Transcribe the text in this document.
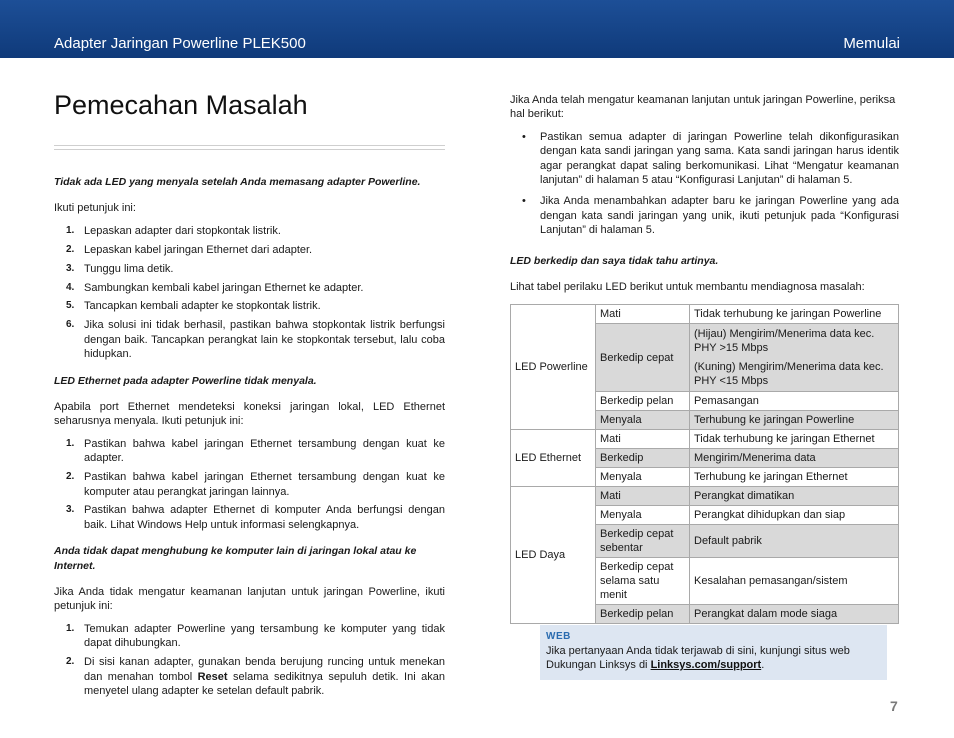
Adapter Jaringan Powerline PLEK500	Memulai
Pemecahan Masalah
Tidak ada LED yang menyala setelah Anda memasang adapter Powerline.

Ikuti petunjuk ini:

1. Lepaskan adapter dari stopkontak listrik.
2. Lepaskan kabel jaringan Ethernet dari adapter.
3. Tunggu lima detik.
4. Sambungkan kembali kabel jaringan Ethernet ke adapter.
5. Tancapkan kembali adapter ke stopkontak listrik.
6. Jika solusi ini tidak berhasil, pastikan bahwa stopkontak listrik berfungsi dengan baik. Tancapkan perangkat lain ke stopkontak tersebut, lalu coba hidupkan.
LED Ethernet pada adapter Powerline tidak menyala.

Apabila port Ethernet mendeteksi koneksi jaringan lokal, LED Ethernet seharusnya menyala. Ikuti petunjuk ini:

1. Pastikan bahwa kabel jaringan Ethernet tersambung dengan kuat ke adapter.
2. Pastikan bahwa kabel jaringan Ethernet tersambung dengan kuat ke komputer atau perangkat jaringan lainnya.
3. Pastikan bahwa adapter Ethernet di komputer Anda berfungsi dengan baik. Lihat Windows Help untuk informasi selengkapnya.
Anda tidak dapat menghubung ke komputer lain di jaringan lokal atau ke Internet.

Jika Anda tidak mengatur keamanan lanjutan untuk jaringan Powerline, ikuti petunjuk ini:

1. Temukan adapter Powerline yang tersambung ke komputer yang tidak dapat dihubungkan.
2. Di sisi kanan adapter, gunakan benda berujung runcing untuk menekan dan menahan tombol Reset selama sedikitnya sepuluh detik. Ini akan menyetel ulang adapter ke setelan default pabrik.

Jika Anda telah mengatur keamanan lanjutan untuk jaringan Powerline, periksa hal berikut:

• Pastikan semua adapter di jaringan Powerline telah dikonfigurasikan dengan kata sandi jaringan yang sama. Kata sandi jaringan harus identik agar perangkat dapat saling berkomunikasi. Lihat “Mengatur keamanan lanjutan” di halaman 5 atau “Konfigurasi Lanjutan” di halaman 5.
• Jika Anda menambahkan adapter baru ke jaringan Powerline yang ada dengan kata sandi jaringan yang unik, ikuti petunjuk pada “Konfigurasi Lanjutan” di halaman 5.
LED berkedip dan saya tidak tahu artinya.

Lihat tabel perilaku LED berikut untuk membantu mendiagnosa masalah:

LED Powerline	Mati	Tidak terhubung ke jaringan Powerline
	Berkedip cepat	(Hijau) Mengirim/Menerima data kec. PHY >15 Mbps

(Kuning) Mengirim/Menerima data kec. PHY <15 Mbps

	Berkedip pelan	Pemasangan
	Menyala	Terhubung ke jaringan Powerline
LED Ethernet	Mati	Tidak terhubung ke jaringan Ethernet
	Berkedip	Mengirim/Menerima data
	Menyala	Terhubung ke jaringan Ethernet
LED Daya	Mati	Perangkat dimatikan
	Menyala	Perangkat dihidupkan dan siap
	Berkedip cepat sebentar	Default pabrik
	Berkedip cepat selama satu menit	Kesalahan pemasangan/sistem
	Berkedip pelan	Perangkat dalam mode siaga
WEB
Jika pertanyaan Anda tidak terjawab di sini, kunjungi situs web Dukungan Linksys di Linksys.com/support.
7
